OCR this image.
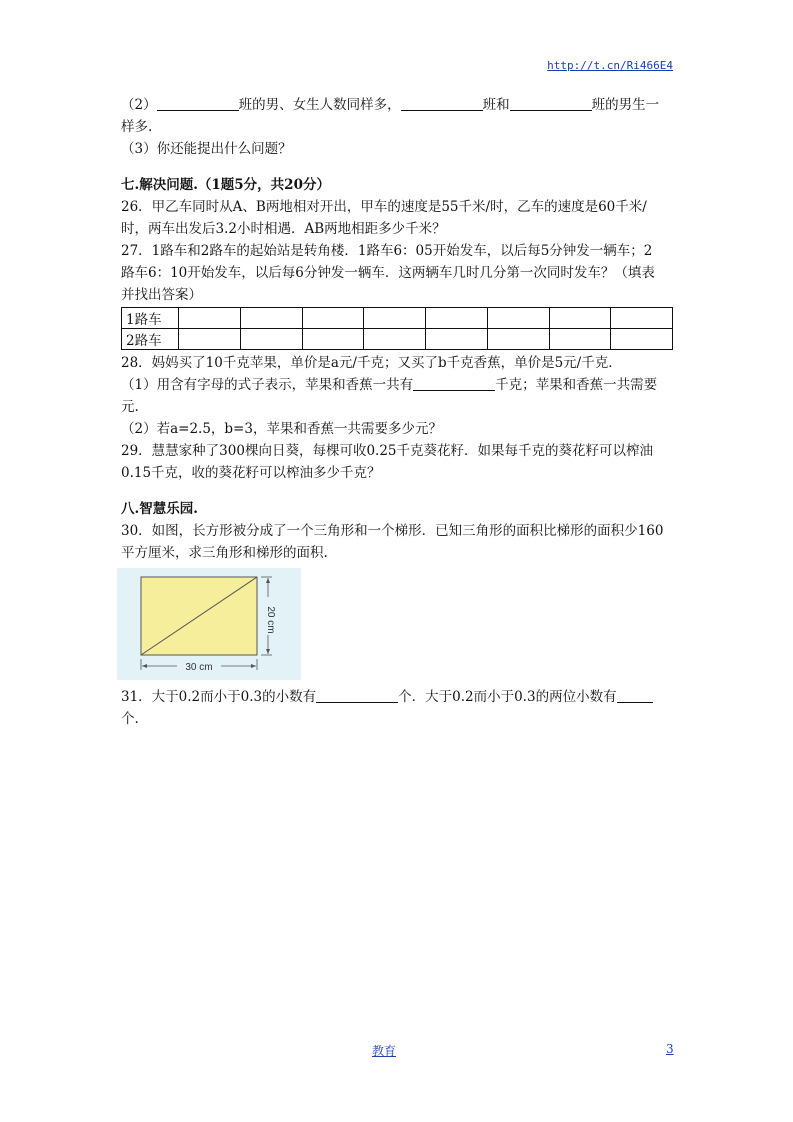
http://t.cn/Ri466E4
（2）	班的男、女生人数同样多，	班和	班的男生一
样多.
（3）你还能提出什么问题？
七.解决问题.（1题5分，共20分）
26．甲乙车同时从A、B两地相对开出，甲车的速度是55千米/时，乙车的速度是60千米/
时，两车出发后3.2小时相遇．AB两地相距多少千米？
27．1路车和2路车的起始站是转角楼．1路车6：05开始发车，以后每5分钟发一辆车；2
路车6：10开始发车，以后每6分钟发一辆车．这两辆车几时几分第一次同时发车？（填表
并找出答案）
1路车								
2路车								
28．妈妈买了10千克苹果，单价是a元/千克；又买了b千克香蕉，单价是5元/千克．
（1）用含有字母的式子表示，苹果和香蕉一共有	千克；苹果和香蕉一共需要
元.
（2）若a=2.5，b=3，苹果和香蕉一共需要多少元？
29．慧慧家种了300棵向日葵，每棵可收0.25千克葵花籽．如果每千克的葵花籽可以榨油
0.15千克，收的葵花籽可以榨油多少千克？
八.智慧乐园.
30．如图，长方形被分成了一个三角形和一个梯形．已知三角形的面积比梯形的面积少160
平方厘米，求三角形和梯形的面积.
30 cm
20 cm
31．大于0.2而小于0.3的小数有	个．大于0.2而小于0.3的两位小数有
个.
教育	3
